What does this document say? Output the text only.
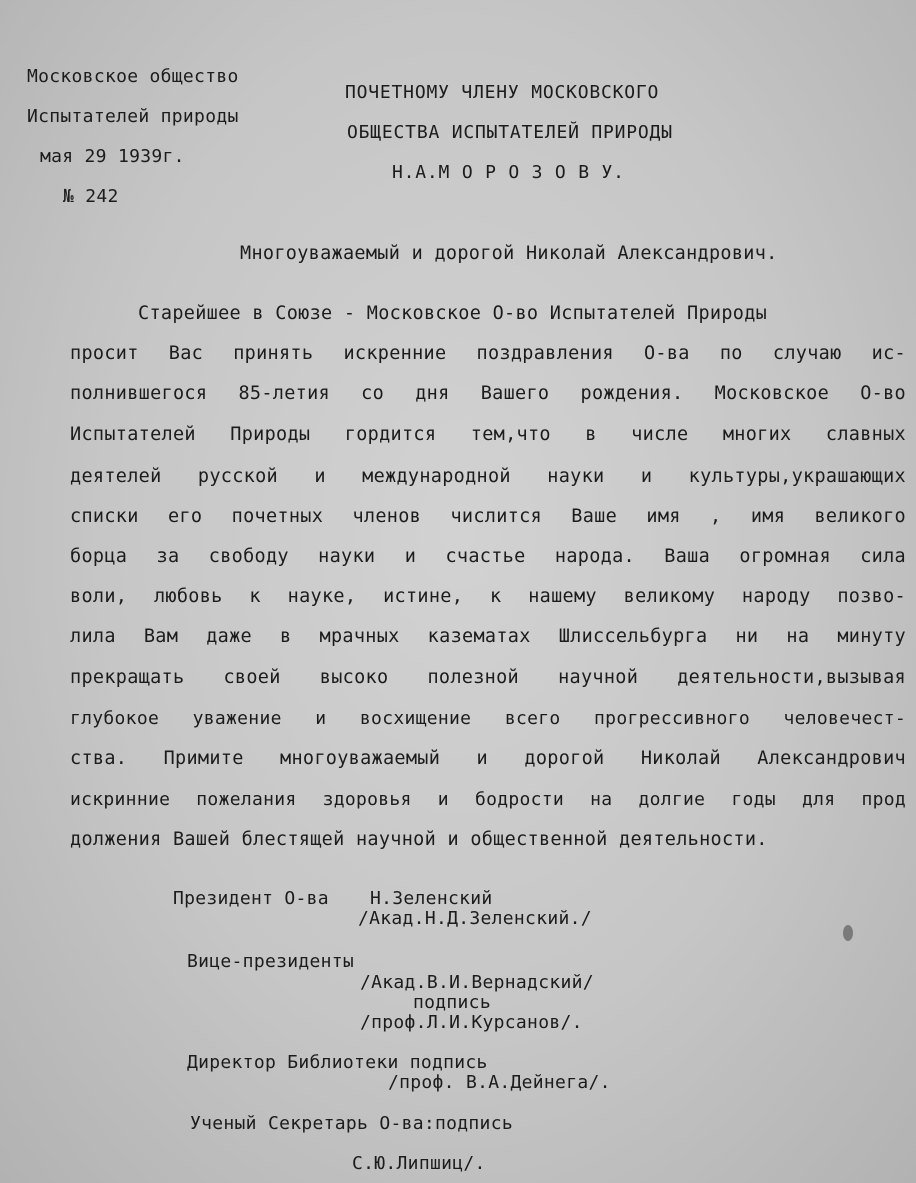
Московское общество
Испытателей природы
мая 29 1939г.
№ 242
ПОЧЕТНОМУ ЧЛЕНУ МОСКОВСКОГО
ОБЩЕСТВА ИСПЫТАТЕЛЕЙ ПРИРОДЫ
Н.А.М О Р О З О В У.
Многоуважаемый и дорогой Николай Александрович.
Старейшее в Союзе - Московское О-во Испытателей Природы
просит Вас принять искренние поздравления О-ва по случаю ис-
полнившегося 85-летия со дня Вашего рождения. Московское О-во
Испытателей Природы гордится тем,что в числе многих славных
деятелей русской и международной науки и культуры,украшающих
списки его почетных членов числится Ваше имя , имя великого
борца за свободу науки и счастье народа. Ваша огромная сила
воли, любовь к науке, истине, к нашему великому народу позво-
лила Вам даже в мрачных казематах Шлиссельбурга ни на минуту
прекращать своей высоко полезной научной деятельности,вызывая
глубокое уважение и восхищение всего прогрессивного человечест-
ства. Примите многоуважаемый и дорогой Николай Александрович
искринние пожелания здоровья и бодрости на долгие годы для прод
должения Вашей блестящей научной и общественной деятельности.
Президент О-ва Н.Зеленский
/Акад.Н.Д.Зеленский./
Вице-президенты
/Акад.В.И.Вернадский/
подпись
/проф.Л.И.Курсанов/.
Директор Библиотеки подпись
/проф. В.А.Дейнега/.
Ученый Секретарь О-ва:подпись
С.Ю.Липшиц/.
